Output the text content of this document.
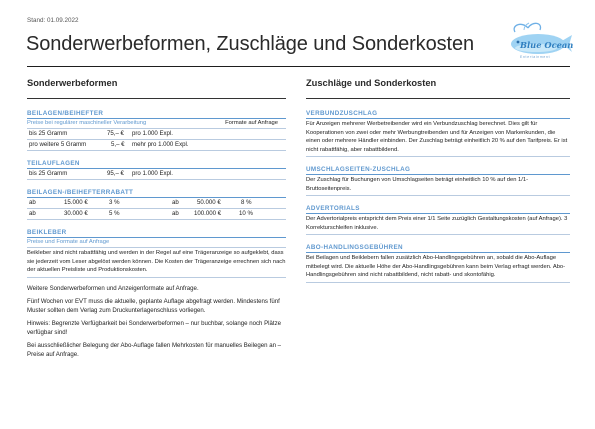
Stand: 01.09.2022
Sonderwerbeformen, Zuschläge und Sonderkosten	Blue Ocean
Entertainment
Sonderwerbeformen
BEILAGEN/BEIHEFTER
Preise bei regulärer maschineller Verarbeitung	Formate auf Anfrage
bis 25 Gramm	75,– € pro 1.000 Expl.
pro weitere 5 Gramm	5,– € mehr pro 1.000 Expl.
TEILAUFLAGEN
bis 25 Gramm	95,– € pro 1.000 Expl.
BEILAGEN-/BEIHEFTERRABATT
ab	15.000 €	3 %	ab	50.000 €	8 %
ab	30.000 €	5 %	ab 100.000 €	10 %
BEIKLEBER
Preise und Formate auf Anfrage
Beikleber sind nicht rabattfähig und werden in der Regel auf eine Trägeranzeige so aufgeklebt, dass sie jederzeit vom Leser abgelöst werden können. Die Kosten der Trägeranzeige errechnen sich nach der aktuellen Preisliste und Produktionskosten.

Weitere Sonderwerbeformen und Anzeigenformate auf Anfrage.

Fünf Wochen vor EVT muss die aktuelle, geplante Auflage abgefragt werden. Mindestens fünf Muster sollten dem Verlag zum Druckunterlagenschluss vorliegen.

Hinweis: Begrenzte Verfügbarkeit bei Sonderwerbeformen – nur buchbar, solange noch Plätze verfügbar sind!

Bei ausschließlicher Belegung der Abo-Auflage fallen Mehrkosten für manuelles Beilegen an – Preise auf Anfrage.

Zuschläge und Sonderkosten
VERBUNDZUSCHLAG
Für Anzeigen mehrerer Werbetreibender wird ein Verbundzuschlag berechnet. Dies gilt für Kooperationen von zwei oder mehr Werbungtreibenden und für Anzeigen von Markenkunden, die einen oder mehrere Händler einbinden. Der Zuschlag beträgt einheitlich 20 % auf den Tarifpreis. Er ist nicht rabattfähig, aber rabattbildend.
UMSCHLAGSEITEN-ZUSCHLAG
Der Zuschlag für Buchungen von Umschlagseiten beträgt einheitlich 10 % auf den 1/1-Bruttoseitenpreis.
ADVERTORIALS
Der Advertorialpreis entspricht dem Preis einer 1/1 Seite zuzüglich Gestaltungskosten (auf Anfrage). 3 Korrekturschleifen inklusive.
ABO-HANDLINGSGEBÜHREN
Bei Beilagen und Beiklebern fallen zusätzlich Abo-Handlingsgebühren an, sobald die Abo-Auflage mitbelegt wird. Die aktuelle Höhe der Abo-Handlingsgebühren kann beim Verlag erfragt werden. Abo-Handlingsgebühren sind nicht rabattbildend, nicht rabatt- und skontofähig.
